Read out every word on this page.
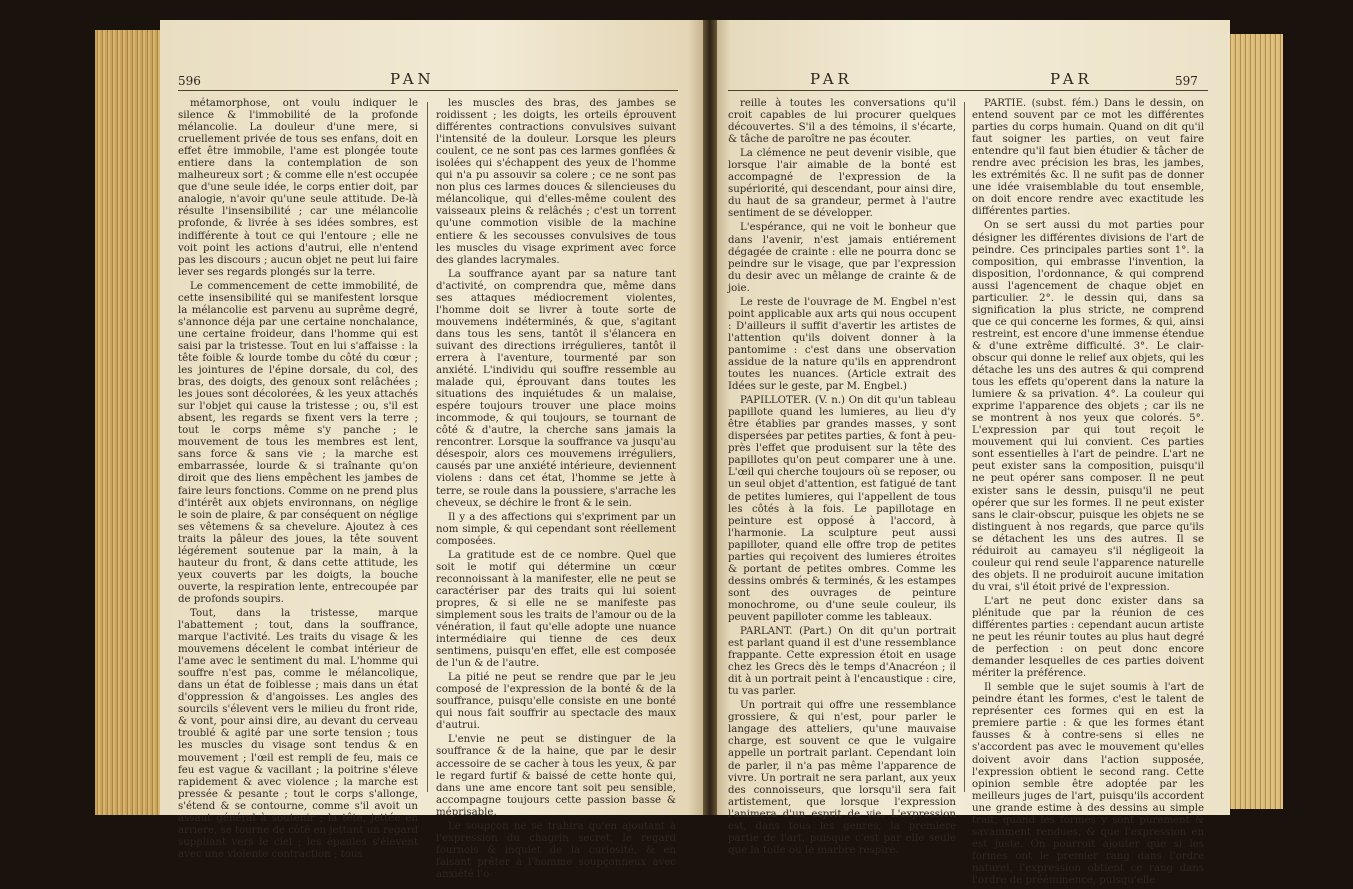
596	PAN

métamorphose, ont voulu indiquer le silence & l'immobilité de la profonde mélancolie. La douleur d'une mere, si cruellement privée de tous ses enfans, doit en effet être immobile, l'ame est plongée toute entiere dans la contemplation de son malheureux sort ; & comme elle n'est occupée que d'une seule idée, le corps entier doit, par analogie, n'avoir qu'une seule attitude. De-là résulte l'insensibilité ; car une mélancolie profonde, & livrée à ses idées sombres, est indifférente à tout ce qui l'entoure ; elle ne voit point les actions d'autrui, elle n'entend pas les discours ; aucun objet ne peut lui faire lever ses regards plongés sur la terre.

Le commencement de cette immobilité, de cette insensibilité qui se manifestent lorsque la mélancolie est parvenu au suprême degré, s'annonce déja par une certaine nonchalance, une certaine froideur, dans l'homme qui est saisi par la tristesse. Tout en lui s'affaisse : la tête foible & lourde tombe du côté du cœur ; les jointures de l'épine dorsale, du col, des bras, des doigts, des genoux sont relâchées ; les joues sont décolorées, & les yeux attachés sur l'objet qui cause la tristesse ; ou, s'il est absent, les regards se fixent vers la terre ; tout le corps même s'y panche ; le mouvement de tous les membres est lent, sans force & sans vie ; la marche est embarrassée, lourde & si traînante qu'on diroit que des liens empêchent les jambes de faire leurs fonctions. Comme on ne prend plus d'intérêt aux objets environnans, on néglige le soin de plaire, & par conséquent on néglige ses vêtemens & sa chevelure. Ajoutez à ces traits la pâleur des joues, la tête souvent légérement soutenue par la main, à la hauteur du front, & dans cette attitude, les yeux couverts par les doigts, la bouche ouverte, la respiration lente, entrecoupée par de profonds soupirs.

Tout, dans la tristesse, marque l'abattement ; tout, dans la souffrance, marque l'activité. Les traits du visage & les mouvemens décelent le combat intérieur de l'ame avec le sentiment du mal. L'homme qui souffre n'est pas, comme le mélancolique, dans un état de foiblesse ; mais dans un état d'oppression & d'angoisses. Les angles des sourcils s'élevent vers le milieu du front ride, & vont, pour ainsi dire, au devant du cerveau troublé & agité par une sorte tension ; tous les muscles du visage sont tendus & en mouvement ; l'œil est rempli de feu, mais ce feu est vague & vacillant ; la poitrine s'éleve rapidement & avec violence ; la marche est pressée & pesante ; tout le corps s'allonge, s'étend & se contourne, comme s'il avoit un assaut général à soutenir ; la tête, jettée en arriere, se tourne de côté en jettant un regard suppliant vers le ciel ; les épaules s'élevent avec une violente contraction ; tous

les muscles des bras, des jambes se roidissent ; les doigts, les orteils éprouvent différentes contractions convulsives suivant l'intensité de la douleur. Lorsque les pleurs coulent, ce ne sont pas ces larmes gonflées & isolées qui s'échappent des yeux de l'homme qui n'a pu assouvir sa colere ; ce ne sont pas non plus ces larmes douces & silencieuses du mélancolique, qui d'elles-même coulent des vaisseaux pleins & relâchés ; c'est un torrent qu'une commotion visible de la machine entiere & les secousses convulsives de tous les muscles du visage expriment avec force des glandes lacrymales.

La souffrance ayant par sa nature tant d'activité, on comprendra que, même dans ses attaques médiocrement violentes, l'homme doit se livrer à toute sorte de mouvemens indéterminés, & que, s'agitant dans tous les sens, tantôt il s'élancera en suivant des directions irrégulieres, tantôt il errera à l'aventure, tourmenté par son anxiété. L'individu qui souffre ressemble au malade qui, éprouvant dans toutes les situations des inquiétudes & un malaise, espére toujours trouver une place moins incommode, & qui toujours, se tournant de côté & d'autre, la cherche sans jamais la rencontrer. Lorsque la souffrance va jusqu'au désespoir, alors ces mouvemens irréguliers, causés par une anxiété intérieure, deviennent violens : dans cet état, l'homme se jette à terre, se roule dans la poussiere, s'arrache les cheveux, se déchire le front & le sein.

Il y a des affections qui s'expriment par un nom simple, & qui cependant sont réellement composées.

La gratitude est de ce nombre. Quel que soit le motif qui détermine un cœur reconnoissant à la manifester, elle ne peut se caractériser par des traits qui lui soient propres, & si elle ne se manifeste pas simplement sous les traits de l'amour ou de la vénération, il faut qu'elle adopte une nuance intermédiaire qui tienne de ces deux sentimens, puisqu'en effet, elle est composée de l'un & de l'autre.

La pitié ne peut se rendre que par le jeu composé de l'expression de la bonté & de la souffrance, puisqu'elle consiste en une bonté qui nous fait souffrir au spectacle des maux d'autrui.

L'envie ne peut se distinguer de la souffrance & de la haine, que par le desir accessoire de se cacher à tous les yeux, & par le regard furtif & baissé de cette honte qui, dans une ame encore tant soit peu sensible, accompagne toujours cette passion basse & méprisable.

Le soupçon ne se trahira qu'en ajoutant à l'expression du chagrin secret, le regard fournois & inquiet de la curiosité, & en faisant prêter à l'homme soupçonneux avec anxiété l'o-

PAR	PAR	597

reille à toutes les conversations qu'il croit capables de lui procurer quelques découvertes. S'il a des témoins, il s'écarte, & tâche de paroître ne pas écouter.

La clémence ne peut devenir visible, que lorsque l'air aimable de la bonté est accompagné de l'expression de la supériorité, qui descendant, pour ainsi dire, du haut de sa grandeur, permet à l'autre sentiment de se développer.

L'espérance, qui ne voit le bonheur que dans l'avenir, n'est jamais entiérement dégagée de crainte : elle ne pourra donc se peindre sur le visage, que par l'expression du desir avec un mêlange de crainte & de joie.

Le reste de l'ouvrage de M. Engbel n'est point applicable aux arts qui nous occupent : D'ailleurs il suffit d'avertir les artistes de l'attention qu'ils doivent donner à la pantomime : c'est dans une observation assidue de la nature qu'ils en apprendront toutes les nuances. (Article extrait des Idées sur le geste, par M. Engbel.)

PAPILLOTER. (V. n.) On dit qu'un tableau papillote quand les lumieres, au lieu d'y être établies par grandes masses, y sont dispersées par petites parties, & font à peu-près l'effet que produisent sur la tête des papillotes qu'on peut comparer une à une. L'œil qui cherche toujours où se reposer, ou un seul objet d'attention, est fatigué de tant de petites lumieres, qui l'appellent de tous les côtés à la fois. Le papillotage en peinture est opposé à l'accord, à l'harmonie. La sculpture peut aussi papilloter, quand elle offre trop de petites parties qui reçoivent des lumieres étroites & portant de petites ombres. Comme les dessins ombrés & terminés, & les estampes sont des ouvrages de peinture monochrome, ou d'une seule couleur, ils peuvent papilloter comme les tableaux.

PARLANT. (Part.) On dit qu'un portrait est parlant quand il est d'une ressemblance frappante. Cette expression étoit en usage chez les Grecs dès le temps d'Anacréon ; il dit à un portrait peint à l'encaustique : cire, tu vas parler.

Un portrait qui offre une ressemblance grossiere, & qui n'est, pour parler le langage des atteliers, qu'une mauvaise charge, est souvent ce que le vulgaire appelle un portrait parlant. Cependant loin de parler, il n'a pas même l'apparence de vivre. Un portrait ne sera parlant, aux yeux des connoisseurs, que lorsqu'il sera fait artistement, que lorsque l'expression l'animera d'un esprit de vie. L'expression est, dans tous les genres, la premiere partie de l'art, puisque c'est par elle seule que la toile ou le marbre respire.

PARTIE. (subst. fém.) Dans le dessin, on entend souvent par ce mot les différentes parties du corps humain. Quand on dit qu'il faut soigner les parties, on veut faire entendre qu'il faut bien étudier & tâcher de rendre avec précision les bras, les jambes, les extrémités &c. Il ne sufit pas de donner une idée vraisemblable du tout ensemble, on doit encore rendre avec exactitude les différentes parties.

On se sert aussi du mot parties pour désigner les différentes divisions de l'art de peindre. Ces principales parties sont 1°. la composition, qui embrasse l'invention, la disposition, l'ordonnance, & qui comprend aussi l'agencement de chaque objet en particulier. 2°. le dessin qui, dans sa signification la plus stricte, ne comprend que ce qui concerne les formes, & qui, ainsi restreint, est encore d'une immense étendue & d'une extrême difficulté. 3°. Le clair-obscur qui donne le relief aux objets, qui les détache les uns des autres & qui comprend tous les effets qu'operent dans la nature la lumiere & sa privation. 4°. La couleur qui exprime l'apparence des objets ; car ils ne se montrent à nos yeux que colorés. 5°. L'expression par qui tout reçoit le mouvement qui lui convient. Ces parties sont essentielles à l'art de peindre. L'art ne peut exister sans la composition, puisqu'il ne peut opérer sans composer. Il ne peut exister sans le dessin, puisqu'il ne peut opérer que sur les formes. Il ne peut exister sans le clair-obscur, puisque les objets ne se distinguent à nos regards, que parce qu'ils se détachent les uns des autres. Il se réduiroit au camayeu s'il négligeoit la couleur qui rend seule l'apparence naturelle des objets. Il ne produiroit aucune imitation du vrai, s'il étoit privé de l'expression.

L'art ne peut donc exister dans sa plénitude que par la réunion de ces différentes parties : cependant aucun artiste ne peut les réunir toutes au plus haut degré de perfection : on peut donc encore demander lesquelles de ces parties doivent mériter la préférence.

Il semble que le sujet soumis à l'art de peindre étant les formes, c'est le talent de représenter ces formes qui en est la premiere partie : & que les formes étant fausses & à contre-sens si elles ne s'accordent pas avec le mouvement qu'elles doivent avoir dans l'action supposée, l'expression obtient le second rang. Cette opinion semble être adoptée par les meilleurs juges de l'art, puisqu'ils accordent une grande estime à des dessins au simple trait, quand les formes y sont purement & savamment rendues, & que l'expression en est juste. On pourroit ajouter que si les formes ont le premier rang dans l'ordre naturel, l'expression obtient ce rang dans l'ordre de prééminence, puisqu'elle
